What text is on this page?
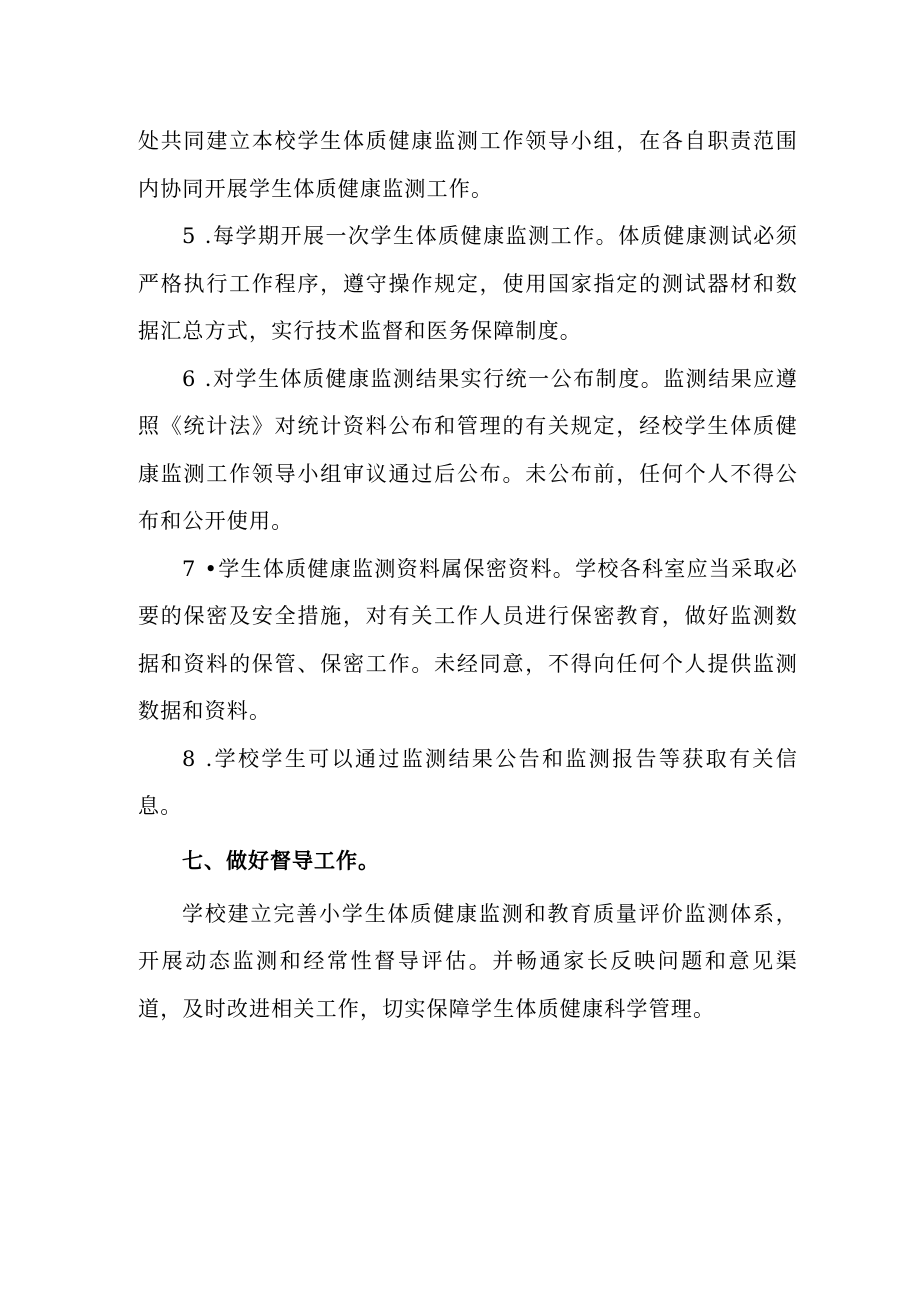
处共同建立本校学生体质健康监测工作领导小组，在各自职责范围内协同开展学生体质健康监测工作。

5 .每学期开展一次学生体质健康监测工作。体质健康测试必须严格执行工作程序，遵守操作规定，使用国家指定的测试器材和数据汇总方式，实行技术监督和医务保障制度。

6 .对学生体质健康监测结果实行统一公布制度。监测结果应遵照《统计法》对统计资料公布和管理的有关规定，经校学生体质健康监测工作领导小组审议通过后公布。未公布前，任何个人不得公布和公开使用。

7 •学生体质健康监测资料属保密资料。学校各科室应当采取必要的保密及安全措施，对有关工作人员进行保密教育，做好监测数据和资料的保管、保密工作。未经同意，不得向任何个人提供监测数据和资料。

8 .学校学生可以通过监测结果公告和监测报告等获取有关信息。

七、做好督导工作。

学校建立完善小学生体质健康监测和教育质量评价监测体系，开展动态监测和经常性督导评估。并畅通家长反映问题和意见渠道，及时改进相关工作，切实保障学生体质健康科学管理。
